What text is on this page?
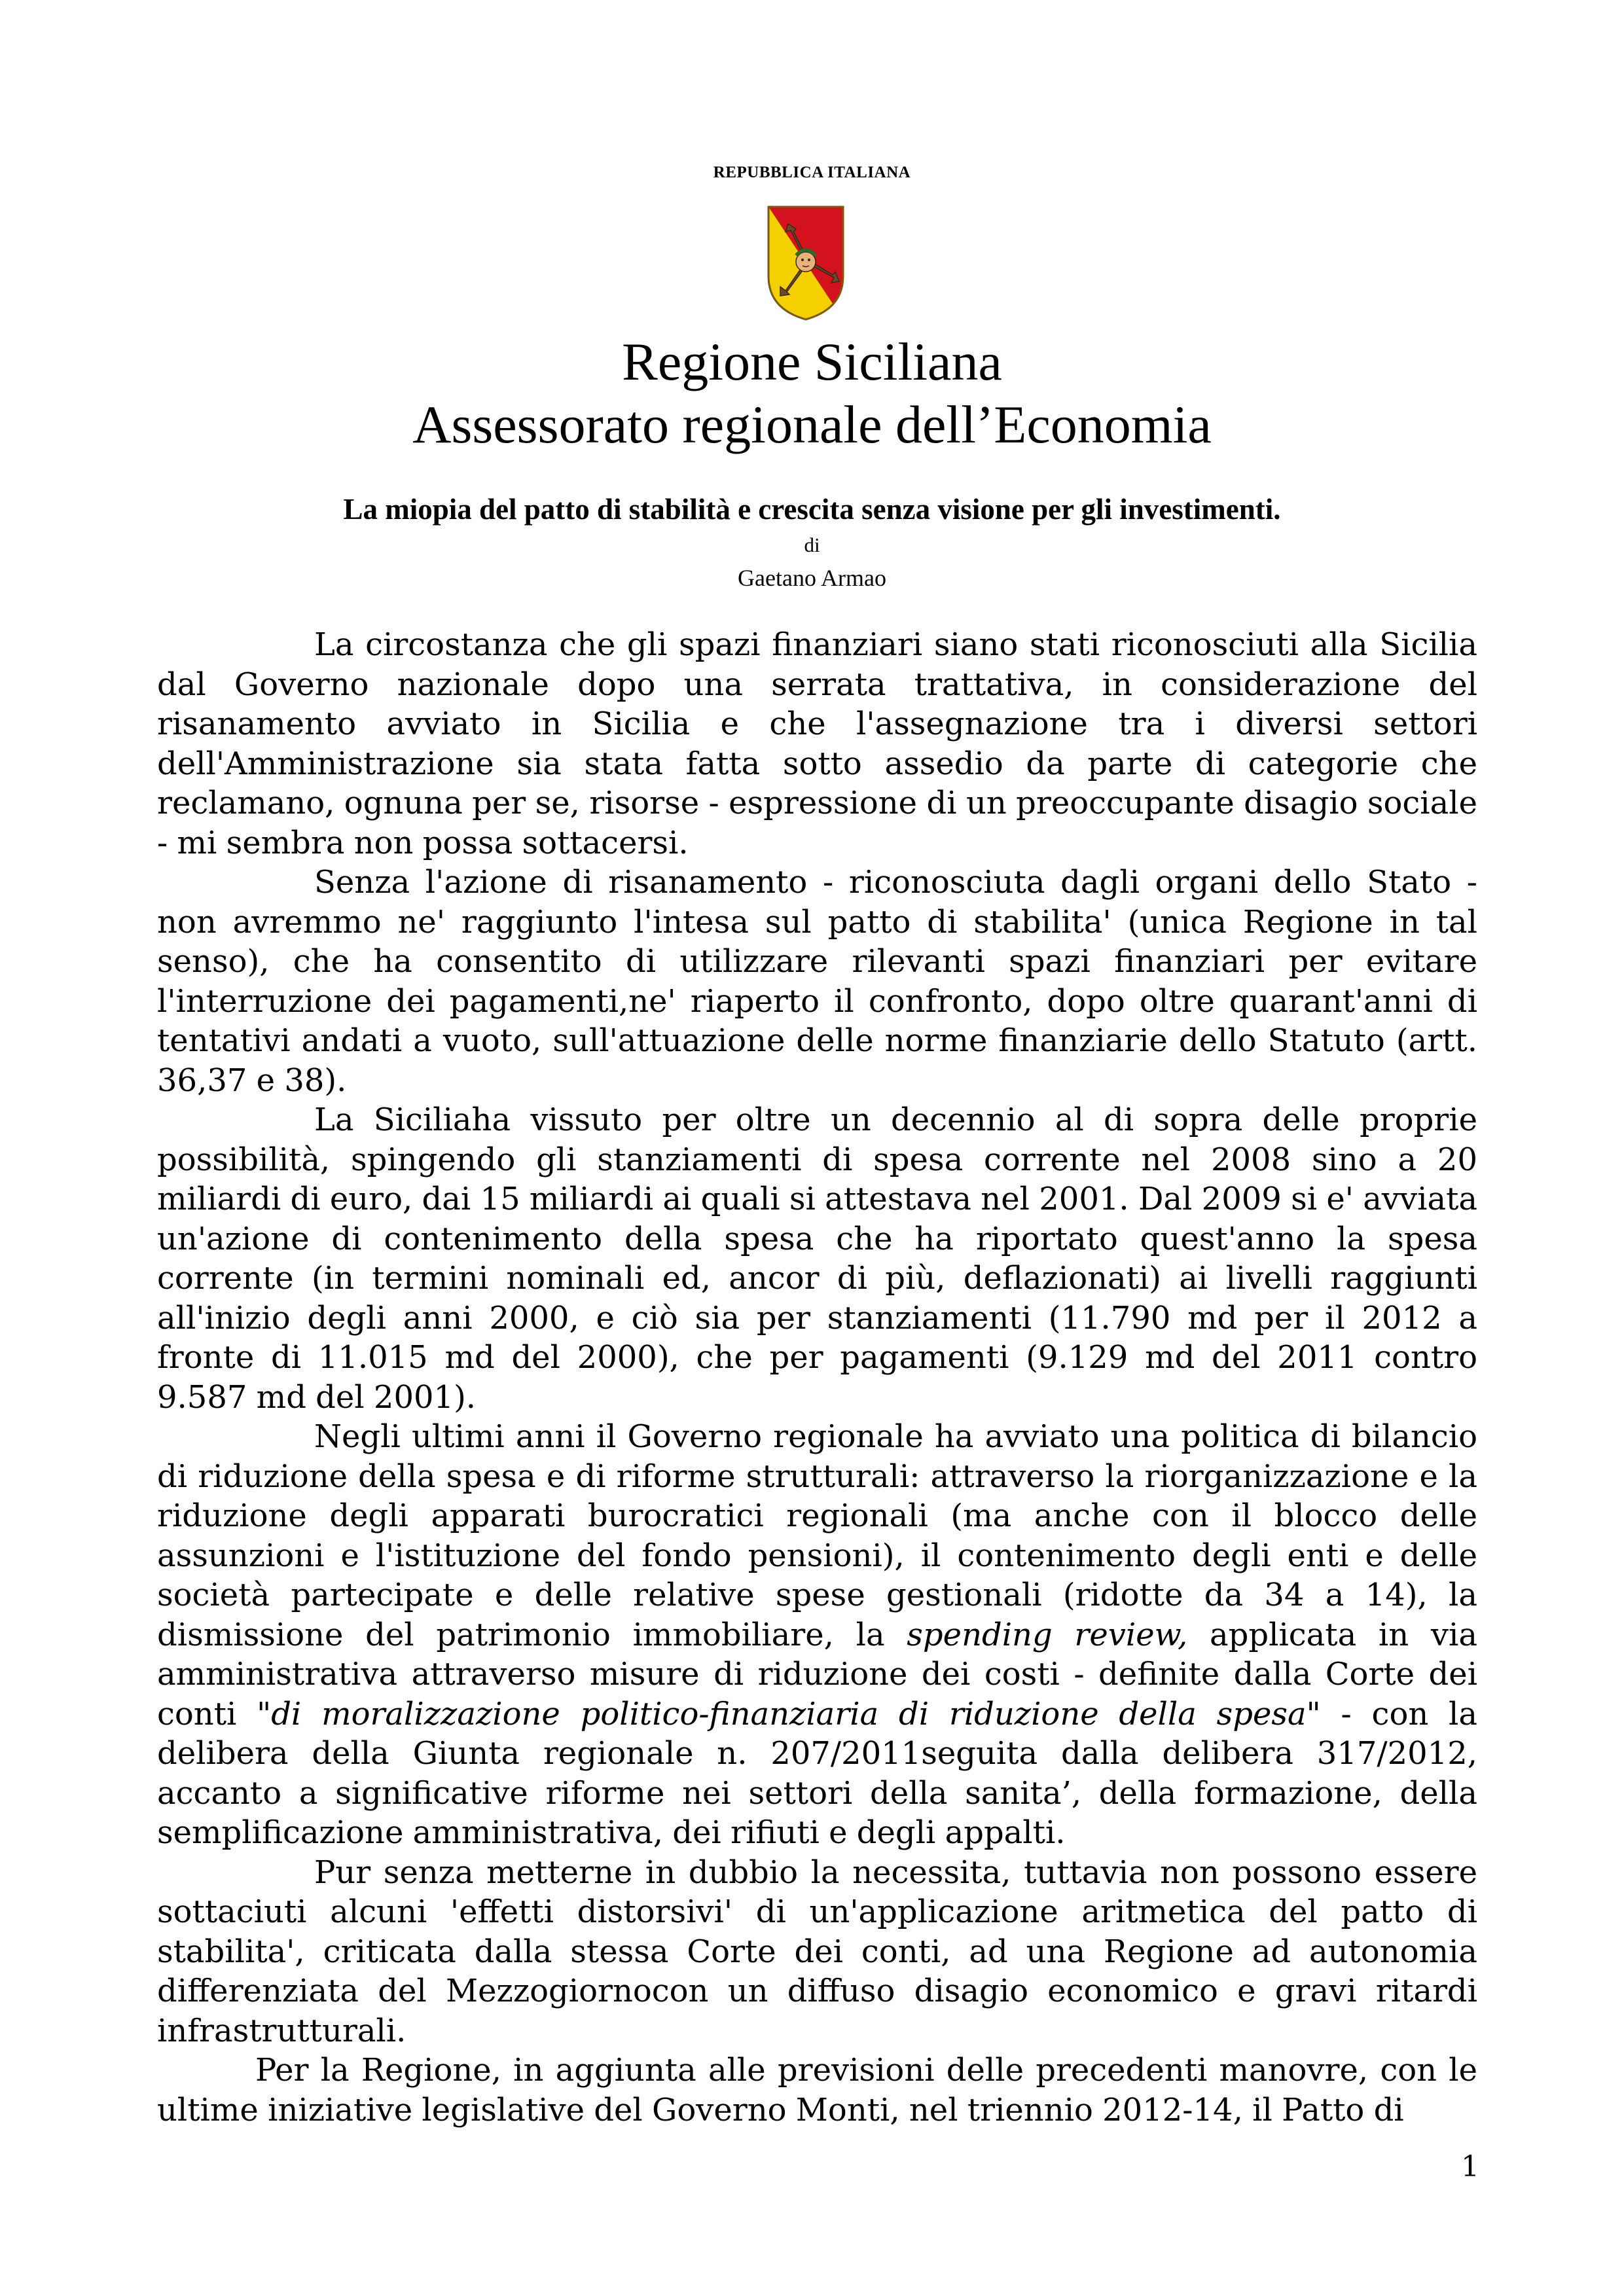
REPUBBLICA ITALIANA
Regione Siciliana
Assessorato regionale dell’Economia
La miopia del patto di stabilità e crescita senza visione per gli investimenti.
di
Gaetano Armao

La circostanza che gli spazi finanziari siano stati riconosciuti alla Sicilia dal Governo nazionale dopo una serrata trattativa, in considerazione del risanamento avviato in Sicilia e che l'assegnazione tra i diversi settori dell'Amministrazione sia stata fatta sotto assedio da parte di categorie che reclamano, ognuna per se, risorse - espressione di un preoccupante disagio sociale - mi sembra non possa sottacersi.

Senza l'azione di risanamento - riconosciuta dagli organi dello Stato - non avremmo ne' raggiunto l'intesa sul patto di stabilita' (unica Regione in tal senso), che ha consentito di utilizzare rilevanti spazi finanziari per evitare l'interruzione dei pagamenti,ne' riaperto il confronto, dopo oltre quarant'anni di tentativi andati a vuoto, sull'attuazione delle norme finanziarie dello Statuto (artt. 36,37 e 38).

La Siciliaha vissuto per oltre un decennio al di sopra delle proprie possibilità, spingendo gli stanziamenti di spesa corrente nel 2008 sino a 20 miliardi di euro, dai 15 miliardi ai quali si attestava nel 2001. Dal 2009 si e' avviata un'azione di contenimento della spesa che ha riportato quest'anno la spesa corrente (in termini nominali ed, ancor di più, deflazionati) ai livelli raggiunti all'inizio degli anni 2000, e ciò sia per stanziamenti (11.790 md per il 2012 a fronte di 11.015 md del 2000), che per pagamenti (9.129 md del 2011 contro 9.587 md del 2001).

Negli ultimi anni il Governo regionale ha avviato una politica di bilancio di riduzione della spesa e di riforme strutturali: attraverso la riorganizzazione e la riduzione degli apparati burocratici regionali (ma anche con il blocco delle assunzioni e l'istituzione del fondo pensioni), il contenimento degli enti e delle società partecipate e delle relative spese gestionali (ridotte da 34 a 14), la dismissione del patrimonio immobiliare, la spending review, applicata in via amministrativa attraverso misure di riduzione dei costi - definite dalla Corte dei conti "di moralizzazione politico-finanziaria di riduzione della spesa" - con la delibera della Giunta regionale n. 207/2011seguita dalla delibera 317/2012, accanto a significative riforme nei settori della sanita’, della formazione, della semplificazione amministrativa, dei rifiuti e degli appalti.

Pur senza metterne in dubbio la necessita, tuttavia non possono essere sottaciuti alcuni 'effetti distorsivi' di un'applicazione aritmetica del patto di stabilita', criticata dalla stessa Corte dei conti, ad una Regione ad autonomia differenziata del Mezzogiornocon un diffuso disagio economico e gravi ritardi infrastrutturali.

Per la Regione, in aggiunta alle previsioni delle precedenti manovre, con le ultime iniziative legislative del Governo Monti, nel triennio 2012-14, il Patto di

1
